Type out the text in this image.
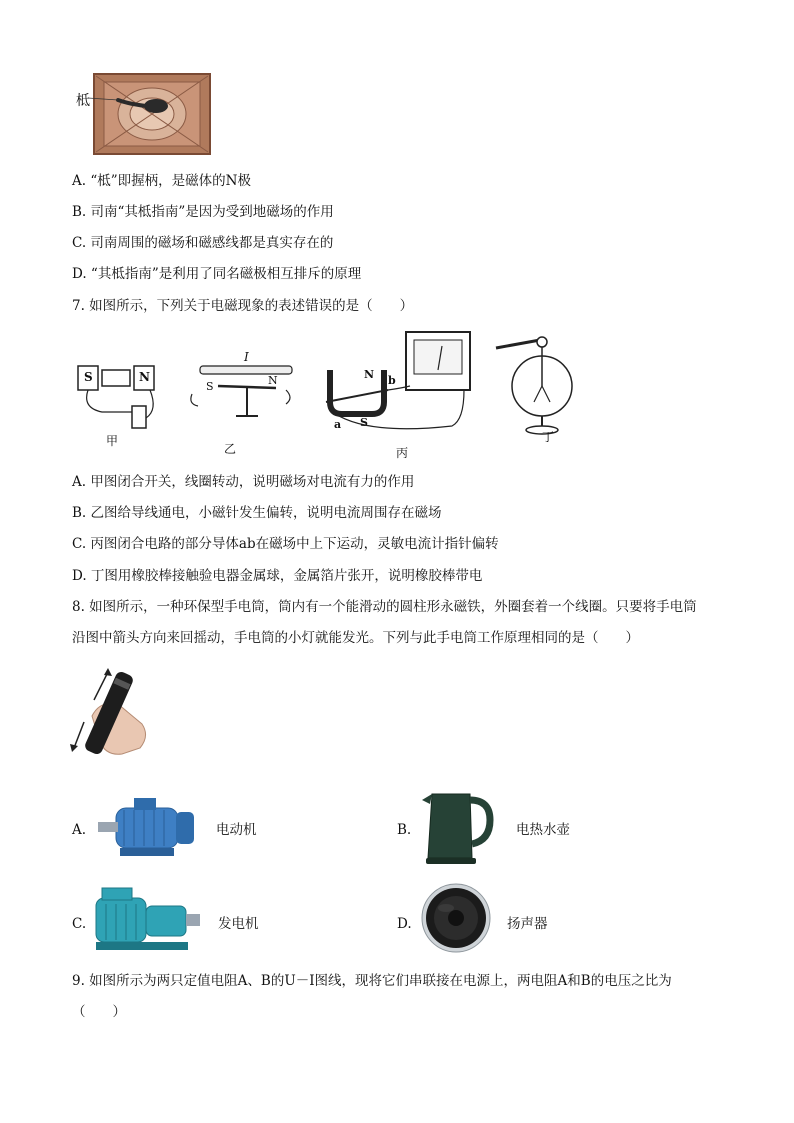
柢
A. “柢”即握柄，是磁体的N极
B. 司南“其柢指南”是因为受到地磁场的作用
C. 司南周围的磁场和磁感线都是真实存在的
D. “其柢指南”是利用了同名磁极相互排斥的原理
7. 如图所示，下列关于电磁现象的表述错误的是（　　）
S	N
甲
I
S	N
乙
N
S
b
a
丙
丁
A. 甲图闭合开关，线圈转动，说明磁场对电流有力的作用
B. 乙图给导线通电，小磁针发生偏转，说明电流周围存在磁场
C. 丙图闭合电路的部分导体ab在磁场中上下运动，灵敏电流计指针偏转
D. 丁图用橡胶棒接触验电器金属球，金属箔片张开，说明橡胶棒带电
8. 如图所示，一种环保型手电筒，筒内有一个能滑动的圆柱形永磁铁，外圈套着一个线圈。只要将手电筒
沿图中箭头方向来回摇动，手电筒的小灯就能发光。下列与此手电筒工作原理相同的是（　　）
A.	电动机	B.	电热水壶
C.	发电机	D.	扬声器
9. 如图所示为两只定值电阻A、B的U－I图线，现将它们串联接在电源上，两电阻A和B的电压之比为
（　　）
